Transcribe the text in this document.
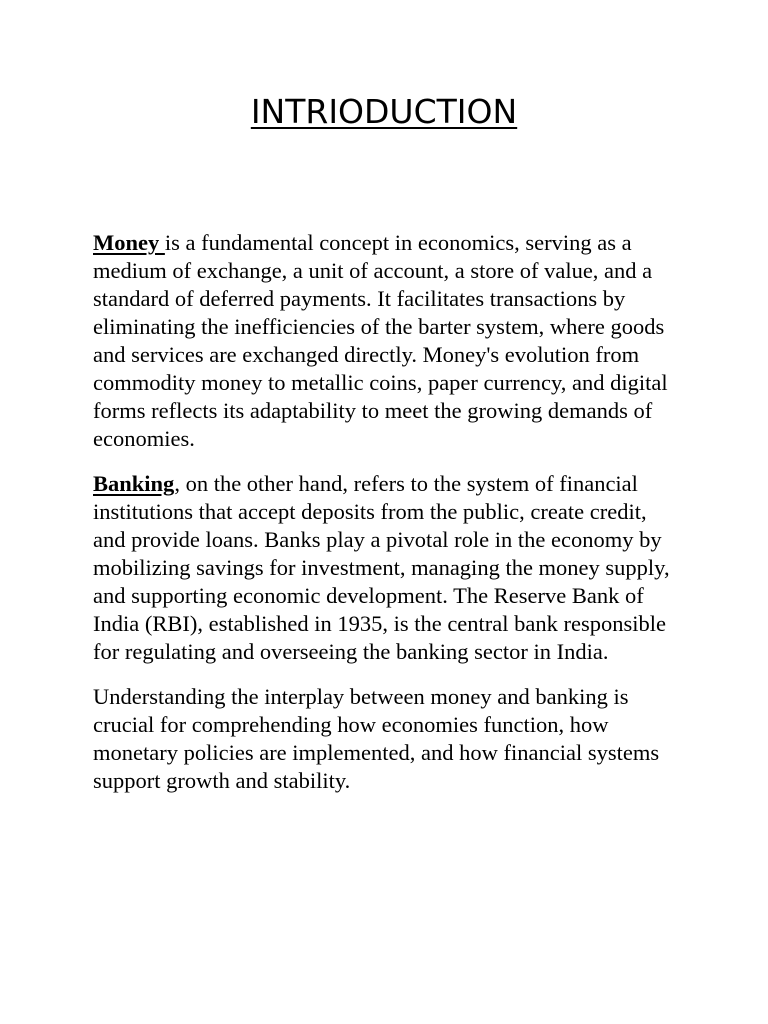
INTRIODUCTION

Money is a fundamental concept in economics, serving as a medium of exchange, a unit of account, a store of value, and a standard of deferred payments. It facilitates transactions by eliminating the inefficiencies of the barter system, where goods and services are exchanged directly. Money's evolution from commodity money to metallic coins, paper currency, and digital forms reflects its adaptability to meet the growing demands of economies.

Banking, on the other hand, refers to the system of financial institutions that accept deposits from the public, create credit, and provide loans. Banks play a pivotal role in the economy by mobilizing savings for investment, managing the money supply, and supporting economic development. The Reserve Bank of India (RBI), established in 1935, is the central bank responsible for regulating and overseeing the banking sector in India.

Understanding the interplay between money and banking is crucial for comprehending how economies function, how monetary policies are implemented, and how financial systems support growth and stability.
